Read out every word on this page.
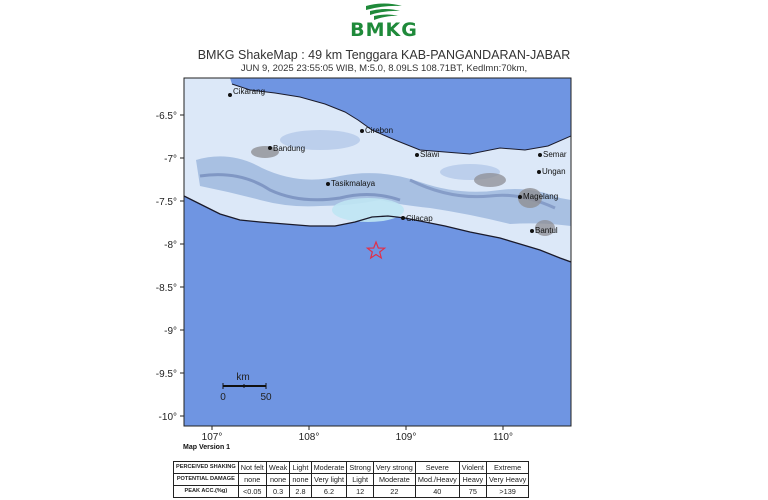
BMKG
BMKG ShakeMap : 49 km Tenggara KAB-PANGANDARAN-JABAR
JUN 9, 2025 23:55:05 WIB, M:5.0, 8.09LS 108.71BT, Kedlmn:70km,
-6.5°
-7°
-7.5°
-8°
-8.5°
-9°
-9.5°
-10°
107°	108°	109°	110°
Cikarang
Bandung
Cirebon
Tasikmalaya
Slawi
Cilacap
Semar
Ungan
Magelang
Bantul
km
0	50
Map Version 1
PERCEIVED SHAKING	Not felt	Weak	Light	Moderate	Strong	Very strong	Severe	Violent	Extreme
POTENTIAL DAMAGE	none	none	none	Very light	Light	Moderate	Mod./Heavy	Heavy	Very Heavy
PEAK ACC.(%g)	<0.05	0.3	2.8	6.2	12	22	40	75	>139
